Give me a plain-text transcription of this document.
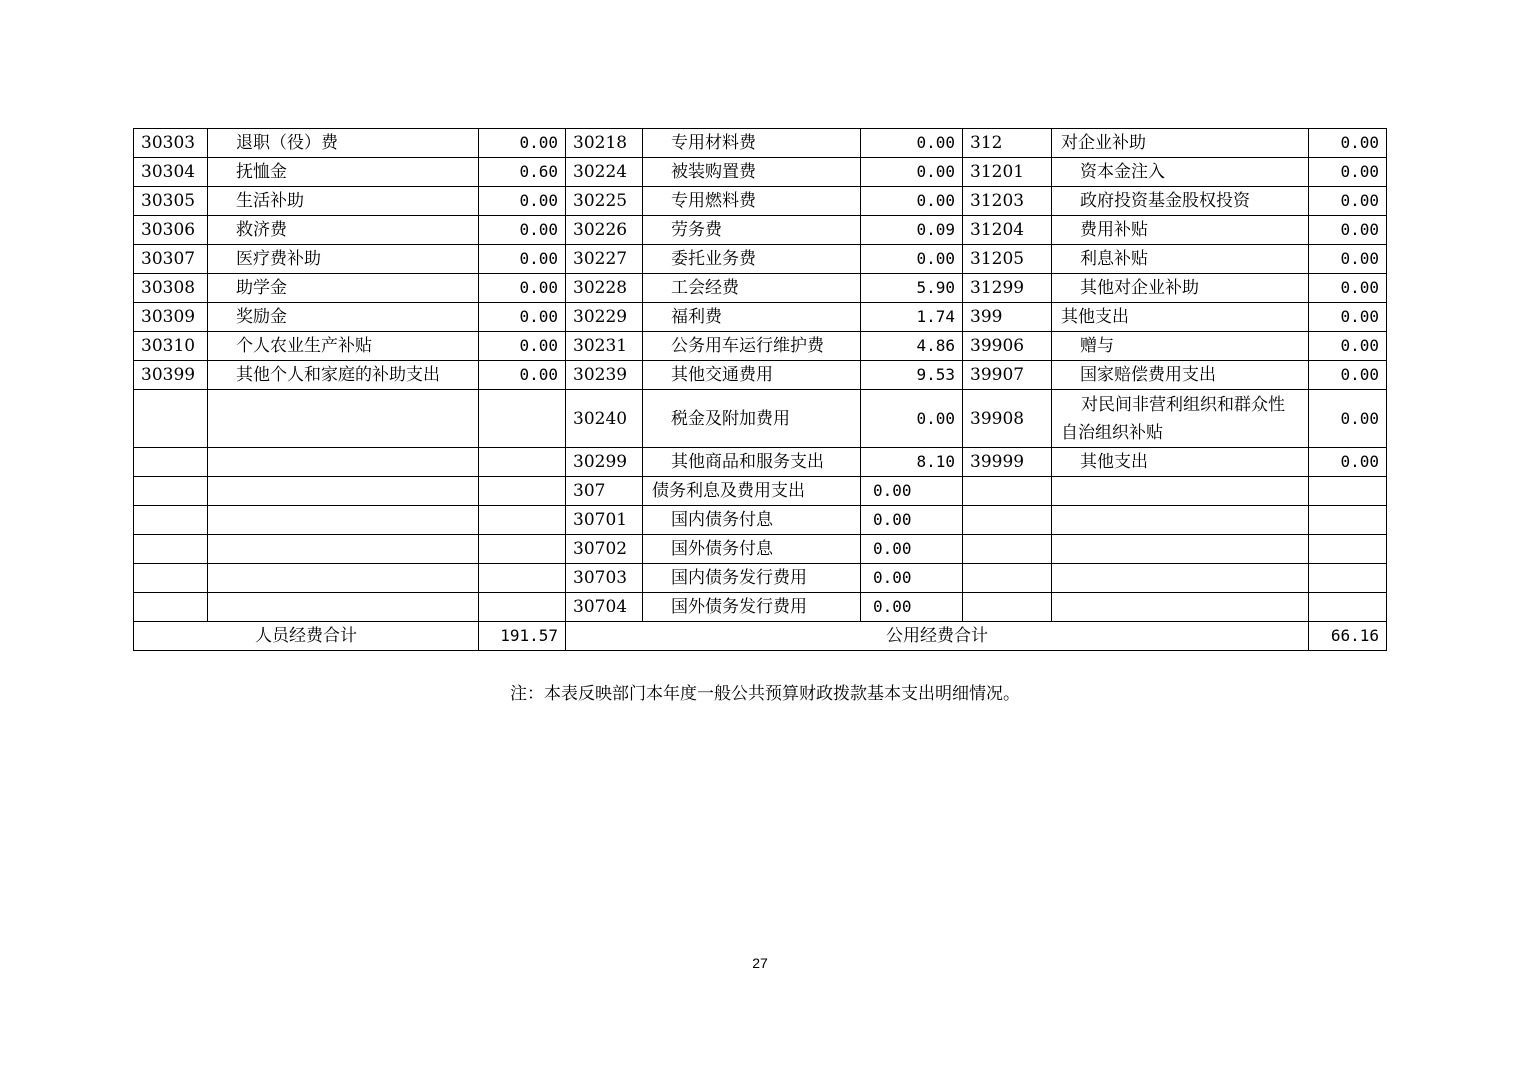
30303	退职（役）费	0.00	30218	专用材料费	0.00	312	对企业补助	0.00
30304	抚恤金	0.60	30224	被装购置费	0.00	31201	资本金注入	0.00
30305	生活补助	0.00	30225	专用燃料费	0.00	31203	政府投资基金股权投资	0.00
30306	救济费	0.00	30226	劳务费	0.09	31204	费用补贴	0.00
30307	医疗费补助	0.00	30227	委托业务费	0.00	31205	利息补贴	0.00
30308	助学金	0.00	30228	工会经费	5.90	31299	其他对企业补助	0.00
30309	奖励金	0.00	30229	福利费	1.74	399	其他支出	0.00
30310	个人农业生产补贴	0.00	30231	公务用车运行维护费	4.86	39906	赠与	0.00
30399	其他个人和家庭的补助支出	0.00	30239	其他交通费用	9.53	39907	国家赔偿费用支出	0.00
			30240	税金及附加费用	0.00	39908	对民间非营利组织和群众性自治组织补贴	0.00
			30299	其他商品和服务支出	8.10	39999	其他支出	0.00
			307	债务利息及费用支出	0.00			
			30701	国内债务付息	0.00			
			30702	国外债务付息	0.00			
			30703	国内债务发行费用	0.00			
			30704	国外债务发行费用	0.00			
人员经费合计		191.57	公用经费合计					66.16
注：本表反映部门本年度一般公共预算财政拨款基本支出明细情况。
27
